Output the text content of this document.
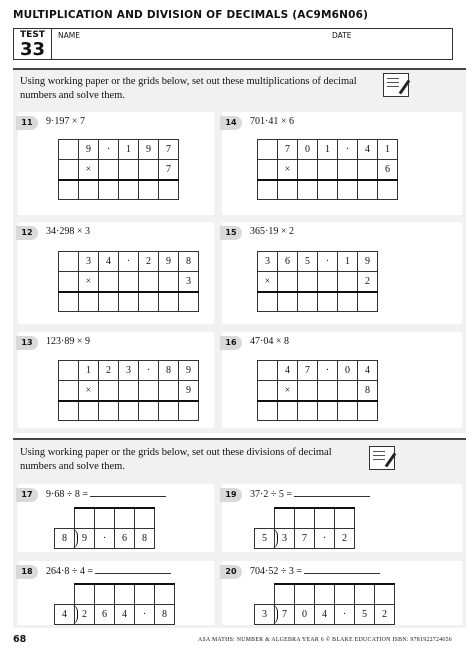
MULTIPLICATION AND DIVISION OF DECIMALS (AC9M6N06)
TEST
33
NAME	DATE
Using working paper or the grids below, set out these multiplications of decimal numbers and solve them.
11	9·197 × 7
	9	·	1	9	7
	×				7

14	701·41 × 6
	7	0	1	·	4	1
	×					6

12	34·298 × 3
	3	4	·	2	9	8
	×					3

15	365·19 × 2
3	6	5	·	1	9
×					2

13	123·89 × 9
	1	2	3	·	8	9
	×					9

16	47·04 × 8
	4	7	·	0	4
	×				8

Using working paper or the grids below, set out these divisions of decimal numbers and solve them.
17	9·68 ÷ 8 =

8	9	·	6	8
19	37·2 ÷ 5 =

5	3	7	·	2
18	264·8 ÷ 4 =

4	2	6	4	·	8
20	704·52 ÷ 3 =

3	7	0	4	·	5	2
68	ASA MATHS: NUMBER & ALGEBRA YEAR 6 © BLAKE EDUCATION ISBN: 9781922724656
